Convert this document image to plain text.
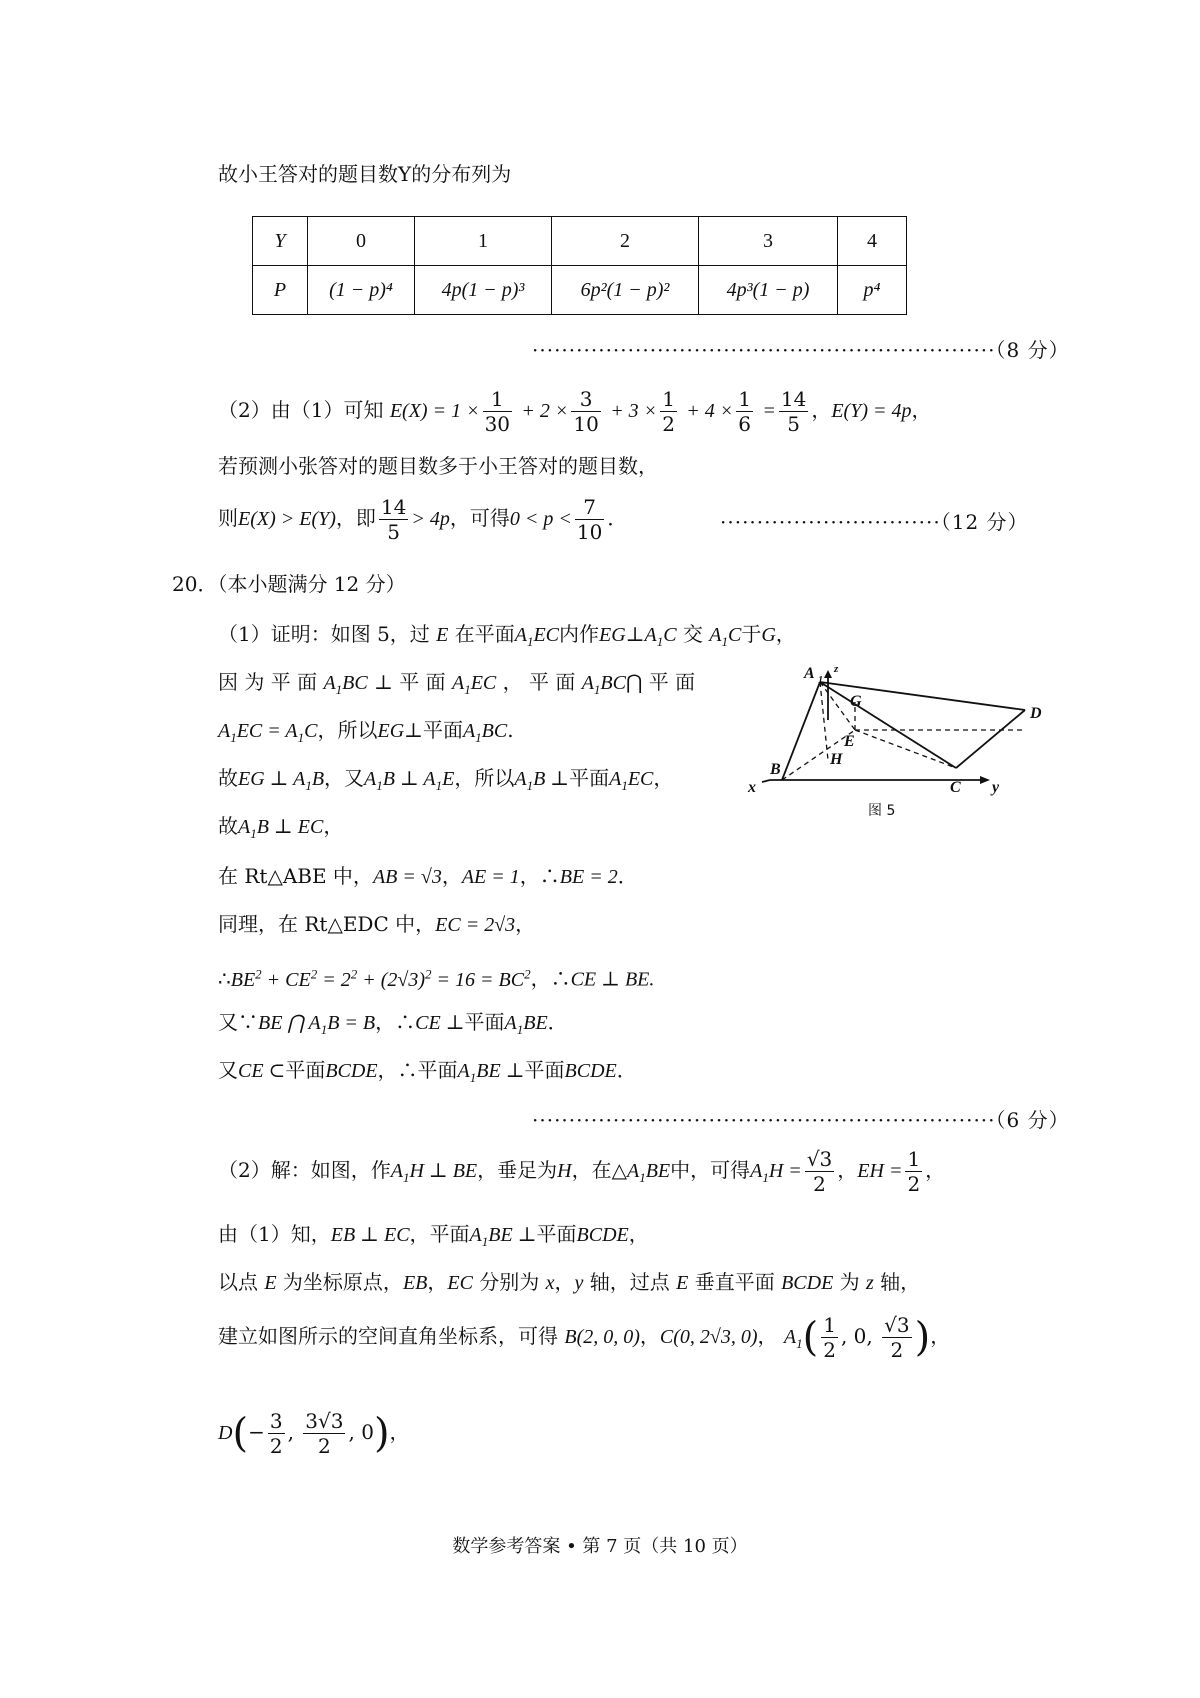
故小王答对的题目数Y的分布列为
Y	0	1	2	3	4
P	(1 − p)⁴	4p(1 − p)³	6p²(1 − p)²	4p³(1 − p)	p⁴
·······························································（8 分）
（2）由（1）可知 $E(X) = 1 \times \frac{1}{30} + 2 \times \frac{3}{10} + 3 \times \frac{1}{2} + 4 \times \frac{1}{6} = \frac{14}{5}$ ，E(Y) = 4p，
若预测小张答对的题目数多于小王答对的题目数，
则E(X) > E(Y)，即 $\frac{14}{5} > 4p$，可得$0 < p < \frac{7}{10}$ ．	······························（12 分）
20．（本小题满分 12 分）
（1）证明：如图 5，过 E 在平面$A_1EC$内作$EG\perp A_1C$ 交 $A_1C$于G，
因 为 平 面 $A_1BC$ ⊥ 平 面 $A_1EC$ ， 平 面 $A_1BC⋂$ 平 面
$A_1EC = A_1C$，所以EG⊥平面$A_1BC$.
故EG ⊥ $A_1B$，又$A_1B$ ⊥ $A_1E$，所以$A_1B$ ⊥平面$A_1EC$，
故$A_1B$ ⊥ EC，
在 Rt△ABE 中，AB = √3，AE = 1，∴BE = 2．
同理，在 Rt△EDC 中，EC = 2√3，
$\therefore BE^2 + CE^2 = 2^2 + (2√3)^2 = 16 = BC^2$，∴CE ⊥ BE.
又∵BE ⋂ $A_1B = B$，∴CE ⊥平面$A_1BE$．
又CE ⊂平面BCDE，∴平面$A_1BE$ ⊥平面BCDE．
·······························································（6 分）
（2）解：如图，作$A_1H$ ⊥ BE，垂足为H，在$\triangle A_1BE$中，可得$A_1H = \frac{√3}{2}$ ，EH = $\frac{1}{2}$ ，
由（1）知，EB ⊥ EC，平面$A_1BE$ ⊥平面BCDE，
以点 E 为坐标原点，EB，EC 分别为 x，y 轴，过点 E 垂直平面 BCDE 为 z 轴，
建立如图所示的空间直角坐标系，可得 B(2, 0, 0)，C(0, 2√3, 0)， $A_1( \frac{1}{2}$ , 0, $\frac{√3}{2}$ )，
$D(- \frac{3}{2}$ , $\frac{3√3}{2}$ , 0)，
A 1
z
G
D
E
H
B
C
x	y
图 5
数学参考答案 • 第 7 页（共 10 页）
